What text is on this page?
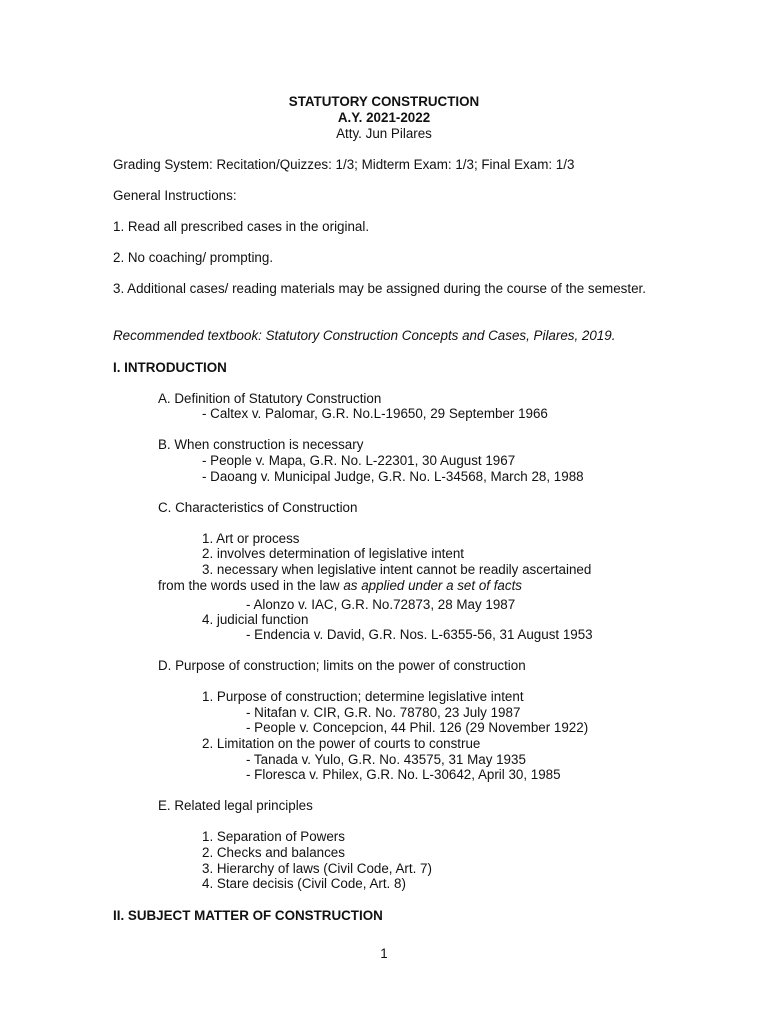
STATUTORY CONSTRUCTION
A.Y. 2021-2022
Atty. Jun Pilares
Grading System: Recitation/Quizzes: 1/3; Midterm Exam: 1/3; Final Exam: 1/3
General Instructions:
1. Read all prescribed cases in the original.
2. No coaching/ prompting.
3. Additional cases/ reading materials may be assigned during the course of the semester.
Recommended textbook: Statutory Construction Concepts and Cases, Pilares, 2019.
I. INTRODUCTION
A. Definition of Statutory Construction
- Caltex v. Palomar, G.R. No.L-19650, 29 September 1966
B. When construction is necessary
- People v. Mapa, G.R. No. L-22301, 30 August 1967
- Daoang v. Municipal Judge, G.R. No. L-34568, March 28, 1988
C. Characteristics of Construction
1. Art or process
2. involves determination of legislative intent
3. necessary when legislative intent cannot be readily ascertained
from the words used in the law as applied under a set of facts
- Alonzo v. IAC, G.R. No.72873, 28 May 1987
4. judicial function
- Endencia v. David, G.R. Nos. L-6355-56, 31 August 1953
D. Purpose of construction; limits on the power of construction
1. Purpose of construction; determine legislative intent
- Nitafan v. CIR, G.R. No. 78780, 23 July 1987
- People v. Concepcion, 44 Phil. 126 (29 November 1922)
2. Limitation on the power of courts to construe
- Tanada v. Yulo, G.R. No. 43575, 31 May 1935
- Floresca v. Philex, G.R. No. L-30642, April 30, 1985
E. Related legal principles
1. Separation of Powers
2. Checks and balances
3. Hierarchy of laws (Civil Code, Art. 7)
4. Stare decisis (Civil Code, Art. 8)
II. SUBJECT MATTER OF CONSTRUCTION
1
